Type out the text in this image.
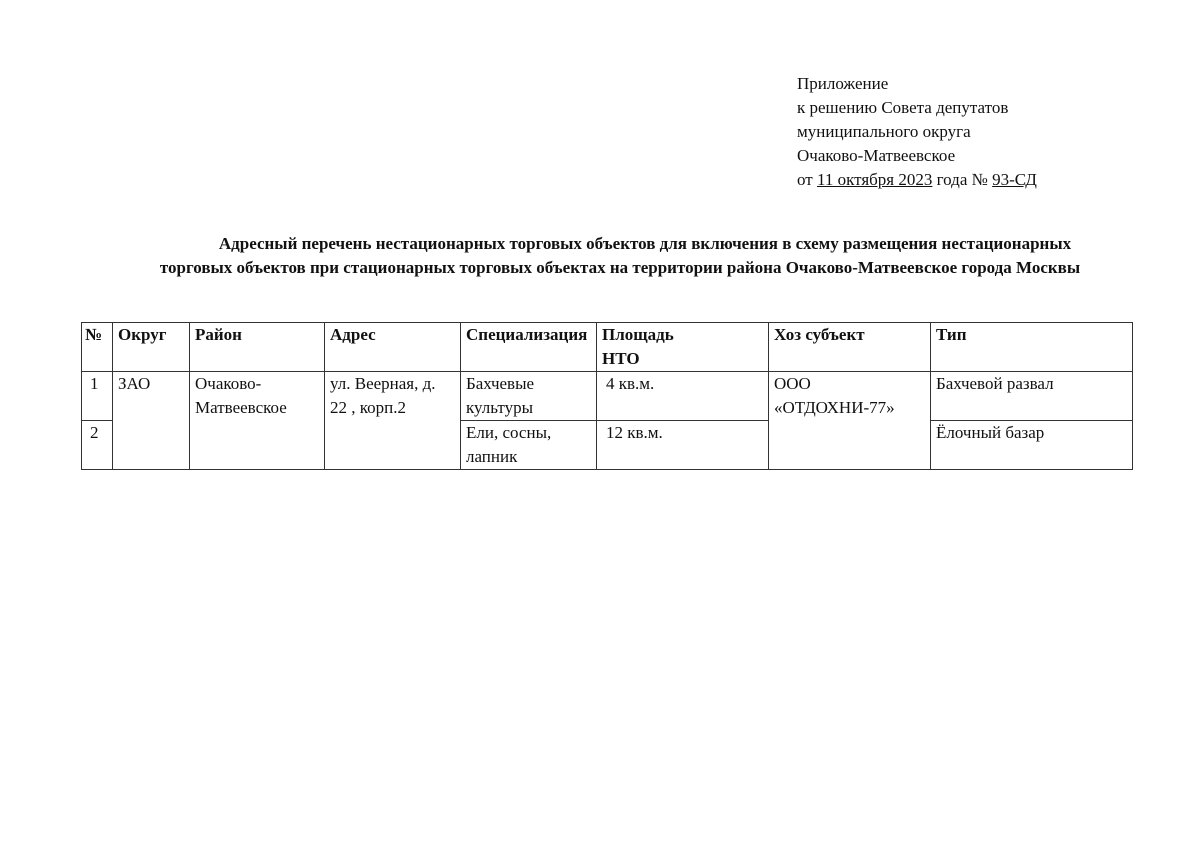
Приложение
к решению Совета депутатов
муниципального округа
Очаково-Матвеевское
от 11 октября 2023 года № 93-СД
Адресный перечень нестационарных торговых объектов для включения в схему размещения нестационарных
торговых объектов при стационарных торговых объектах на территории района Очаково-Матвеевское города Москвы
№	Округ	Район	Адрес	Специализация	Площадь НТО	Хоз субъект	Тип
1	ЗАО	Очаково-Матвеевское	ул. Веерная, д. 22 , корп.2	Бахчевые культуры	4 кв.м.	ООО «ОТДОХНИ-77»	Бахчевой развал
2				Ели, сосны, лапник	12 кв.м.		Ёлочный базар
